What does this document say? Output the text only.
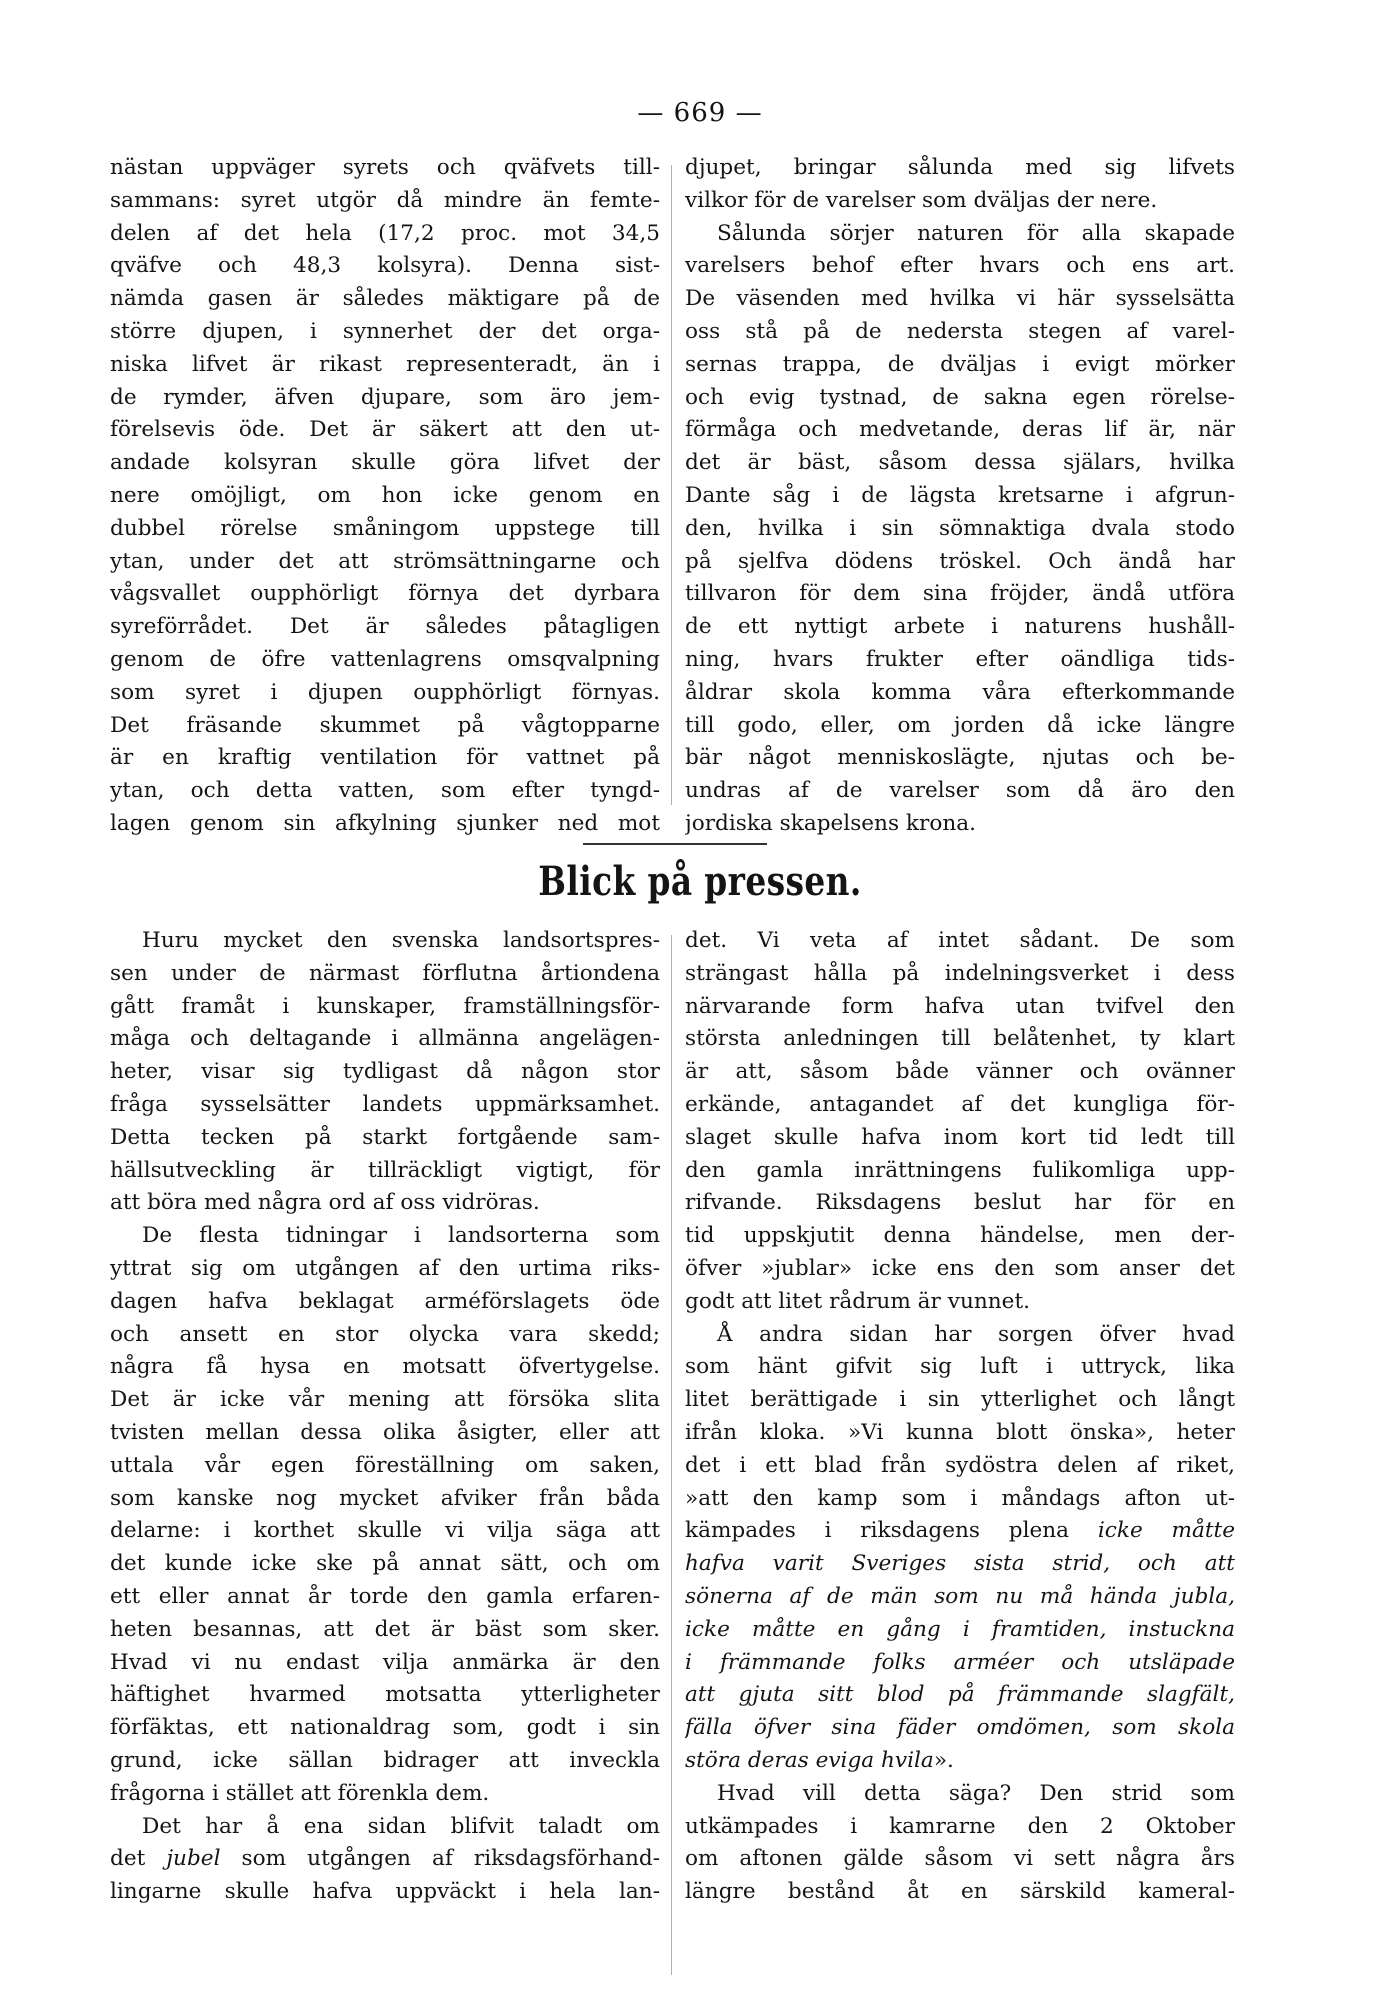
— 669 —
nästan uppväger syrets och qväfvets till-
sammans: syret utgör då mindre än femte-
delen af det hela (17,2 proc. mot 34,5
qväfve och 48,3 kolsyra). Denna sist-
nämda gasen är således mäktigare på de
större djupen, i synnerhet der det orga-
niska lifvet är rikast representeradt, än i
de rymder, äfven djupare, som äro jem-
förelsevis öde. Det är säkert att den ut-
andade kolsyran skulle göra lifvet der
nere omöjligt, om hon icke genom en
dubbel rörelse småningom uppstege till
ytan, under det att strömsättningarne och
vågsvallet oupphörligt förnya det dyrbara
syreförrådet. Det är således påtagligen
genom de öfre vattenlagrens omsqvalpning
som syret i djupen oupphörligt förnyas.
Det fräsande skummet på vågtopparne
är en kraftig ventilation för vattnet på
ytan, och detta vatten, som efter tyngd-
lagen genom sin afkylning sjunker ned mot
djupet, bringar sålunda med sig lifvets
vilkor för de varelser som dväljas der nere.
Sålunda sörjer naturen för alla skapade
varelsers behof efter hvars och ens art.
De väsenden med hvilka vi här sysselsätta
oss stå på de nedersta stegen af varel-
sernas trappa, de dväljas i evigt mörker
och evig tystnad, de sakna egen rörelse-
förmåga och medvetande, deras lif är, när
det är bäst, såsom dessa själars, hvilka
Dante såg i de lägsta kretsarne i afgrun-
den, hvilka i sin sömnaktiga dvala stodo
på sjelfva dödens tröskel. Och ändå har
tillvaron för dem sina fröjder, ändå utföra
de ett nyttigt arbete i naturens hushåll-
ning, hvars frukter efter oändliga tids-
åldrar skola komma våra efterkommande
till godo, eller, om jorden då icke längre
bär något menniskoslägte, njutas och be-
undras af de varelser som då äro den
jordiska skapelsens krona.
Blick på pressen.
Huru mycket den svenska landsortspres-
sen under de närmast förflutna årtiondena
gått framåt i kunskaper, framställningsför-
måga och deltagande i allmänna angelägen-
heter, visar sig tydligast då någon stor
fråga sysselsätter landets uppmärksamhet.
Detta tecken på starkt fortgående sam-
hällsutveckling är tillräckligt vigtigt, för
att böra med några ord af oss vidröras.
De flesta tidningar i landsorterna som
yttrat sig om utgången af den urtima riks-
dagen hafva beklagat arméförslagets öde
och ansett en stor olycka vara skedd;
några få hysa en motsatt öfvertygelse.
Det är icke vår mening att försöka slita
tvisten mellan dessa olika åsigter, eller att
uttala vår egen föreställning om saken,
som kanske nog mycket afviker från båda
delarne: i korthet skulle vi vilja säga att
det kunde icke ske på annat sätt, och om
ett eller annat år torde den gamla erfaren-
heten besannas, att det är bäst som sker.
Hvad vi nu endast vilja anmärka är den
häftighet hvarmed motsatta ytterligheter
förfäktas, ett nationaldrag som, godt i sin
grund, icke sällan bidrager att inveckla
frågorna i stället att förenkla dem.
Det har å ena sidan blifvit taladt om
det jubel som utgången af riksdagsförhand-
lingarne skulle hafva uppväckt i hela lan-
det. Vi veta af intet sådant. De som
strängast hålla på indelningsverket i dess
närvarande form hafva utan tvifvel den
största anledningen till belåtenhet, ty klart
är att, såsom både vänner och ovänner
erkände, antagandet af det kungliga för-
slaget skulle hafva inom kort tid ledt till
den gamla inrättningens fulikomliga upp-
rifvande. Riksdagens beslut har för en
tid uppskjutit denna händelse, men der-
öfver »jublar» icke ens den som anser det
godt att litet rådrum är vunnet.
Å andra sidan har sorgen öfver hvad
som hänt gifvit sig luft i uttryck, lika
litet berättigade i sin ytterlighet och långt
ifrån kloka. »Vi kunna blott önska», heter
det i ett blad från sydöstra delen af riket,
»att den kamp som i måndags afton ut-
kämpades i riksdagens plena icke måtte
hafva varit Sveriges sista strid, och att
sönerna af de män som nu må hända jubla,
icke måtte en gång i framtiden, instuckna
i främmande folks arméer och utsläpade
att gjuta sitt blod på främmande slagfält,
fälla öfver sina fäder omdömen, som skola
störa deras eviga hvila».
Hvad vill detta säga? Den strid som
utkämpades i kamrarne den 2 Oktober
om aftonen gälde såsom vi sett några års
längre bestånd åt en särskild kameral-
